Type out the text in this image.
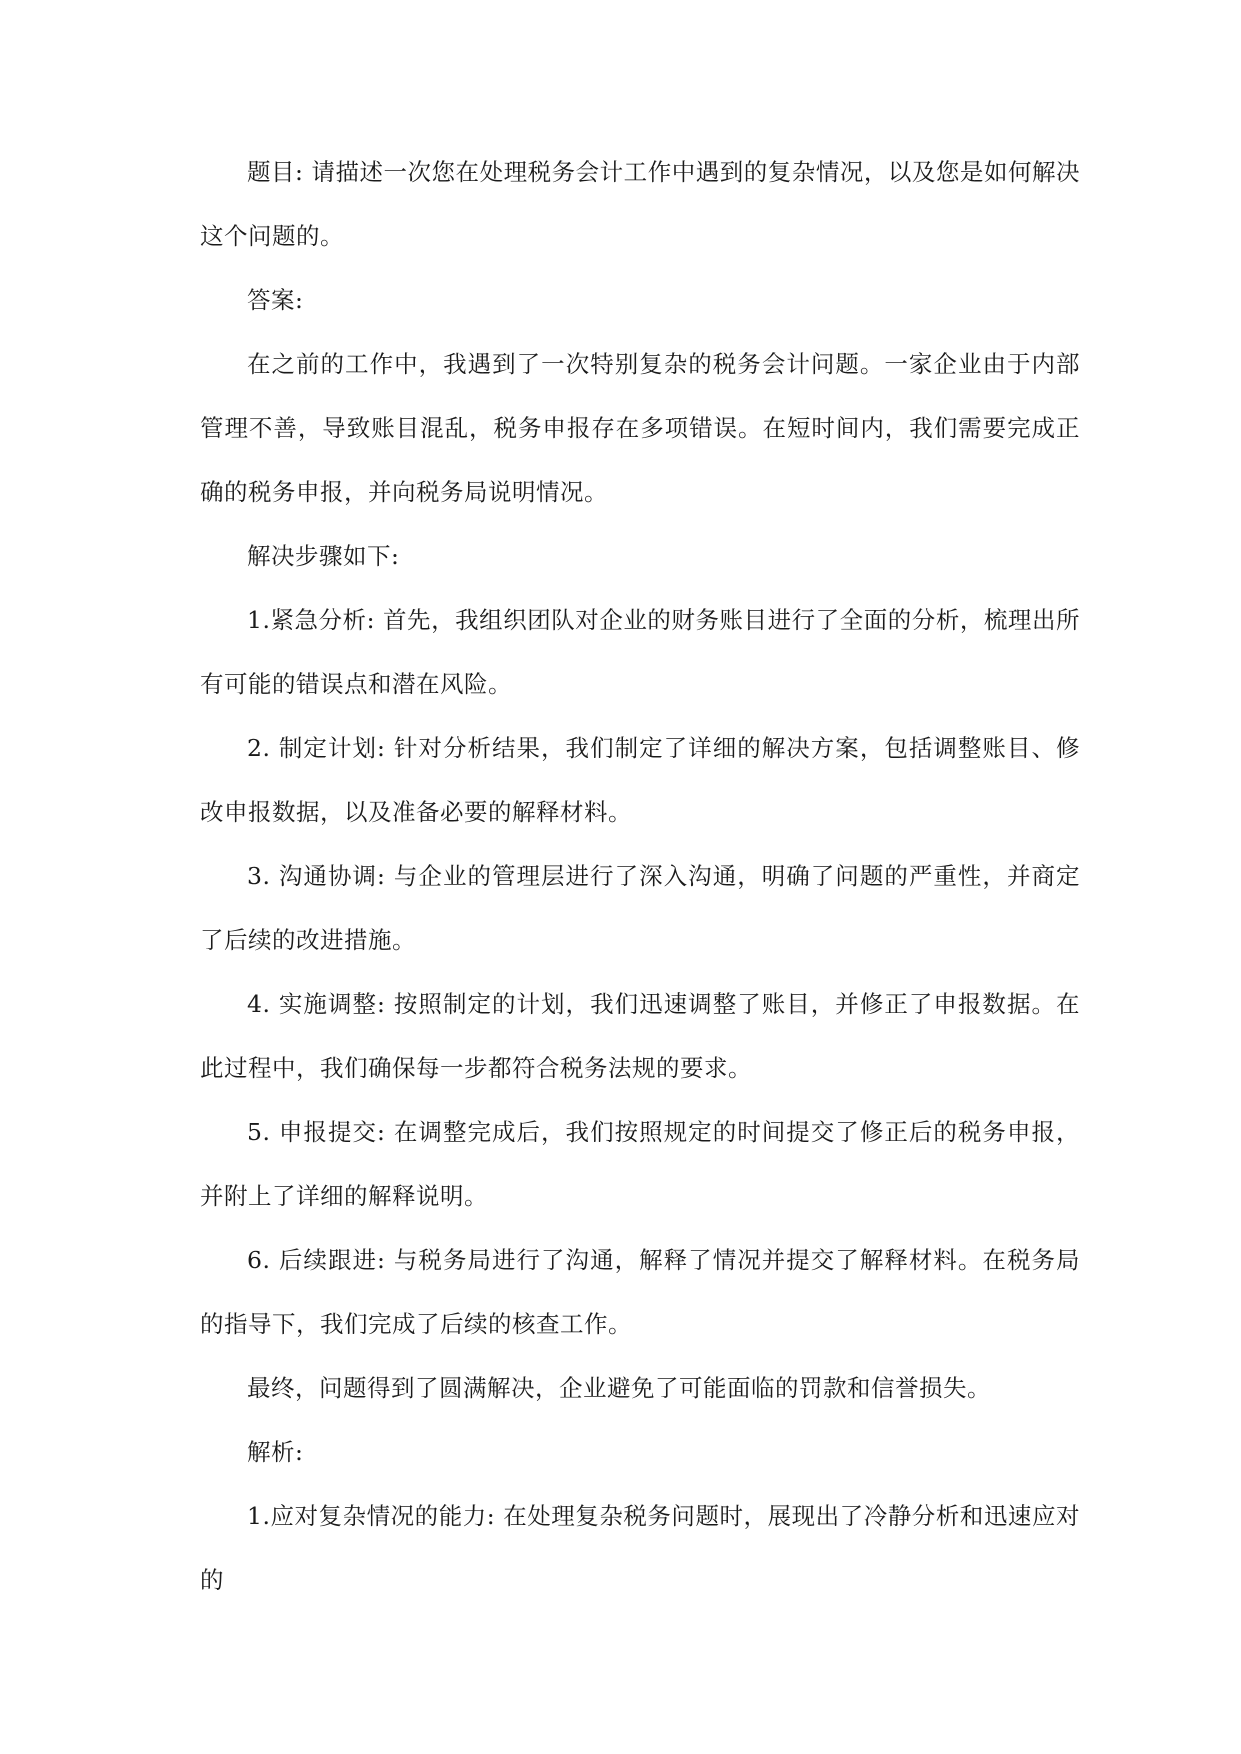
题目: 请描述一次您在处理税务会计工作中遇到的复杂情况，以及您是如何解决这个问题的。

答案:

在之前的工作中，我遇到了一次特别复杂的税务会计问题。一家企业由于内部管理不善，导致账目混乱，税务申报存在多项错误。在短时间内，我们需要完成正确的税务申报，并向税务局说明情况。

解决步骤如下:

1.紧急分析: 首先，我组织团队对企业的财务账目进行了全面的分析，梳理出所有可能的错误点和潜在风险。

2. 制定计划: 针对分析结果，我们制定了详细的解决方案，包括调整账目、修改申报数据，以及准备必要的解释材料。

3. 沟通协调: 与企业的管理层进行了深入沟通，明确了问题的严重性，并商定了后续的改进措施。

4. 实施调整: 按照制定的计划，我们迅速调整了账目，并修正了申报数据。在此过程中，我们确保每一步都符合税务法规的要求。

5. 申报提交: 在调整完成后，我们按照规定的时间提交了修正后的税务申报，并附上了详细的解释说明。

6. 后续跟进: 与税务局进行了沟通，解释了情况并提交了解释材料。在税务局的指导下，我们完成了后续的核查工作。

最终，问题得到了圆满解决，企业避免了可能面临的罚款和信誉损失。

解析:

1.应对复杂情况的能力: 在处理复杂税务问题时，展现出了冷静分析和迅速应对的
